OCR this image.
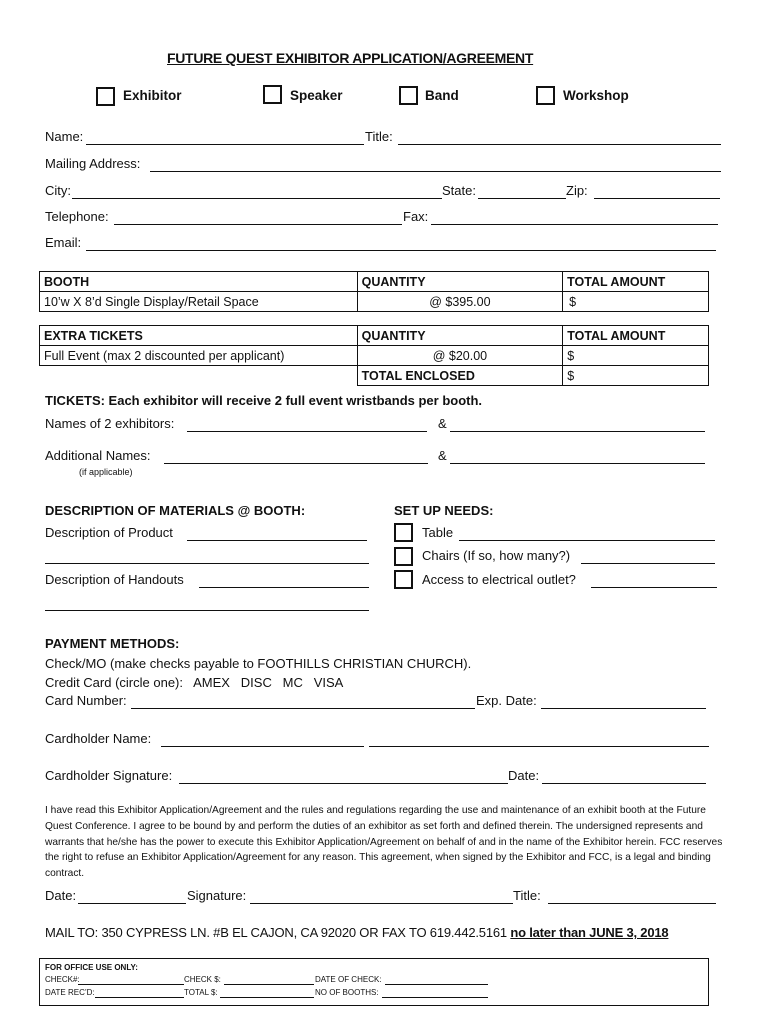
FUTURE QUEST EXHIBITOR APPLICATION/AGREEMENT
Exhibitor	Speaker	Band	Workshop
Name:	Title:
Mailing Address:
City:	State:	Zip:
Telephone:	Fax:
Email:
BOOTH	QUANTITY	TOTAL AMOUNT
10’w X 8’d Single Display/Retail Space	@ $395.00	$
EXTRA TICKETS	QUANTITY	TOTAL AMOUNT
Full Event (max 2 discounted per applicant)	@ $20.00	$
	TOTAL ENCLOSED	$
TICKETS: Each exhibitor will receive 2 full event wristbands per booth.
Names of 2 exhibitors:	&
Additional Names:	&
(if applicable)
DESCRIPTION OF MATERIALS @ BOOTH:
Description of Product
Description of Handouts
SET UP NEEDS:
Table
Chairs (If so, how many?)
Access to electrical outlet?
PAYMENT METHODS:
Check/MO (make checks payable to FOOTHILLS CHRISTIAN CHURCH).
Credit Card (circle one):   AMEX   DISC   MC   VISA
Card Number:	Exp. Date:
Cardholder Name:
Cardholder Signature:	Date:
I have read this Exhibitor Application/Agreement and the rules and regulations regarding the use and maintenance of an exhibit booth at the Future Quest Conference. I agree to be bound by and perform the duties of an exhibitor as set forth and defined therein. The undersigned represents and warrants that he/she has the power to execute this Exhibitor Application/Agreement on behalf of and in the name of the Exhibitor herein. FCC reserves the right to refuse an Exhibitor Application/Agreement for any reason. This agreement, when signed by the Exhibitor and FCC, is a legal and binding contract.
Date:	Signature:	Title:
MAIL TO: 350 CYPRESS LN. #B EL CAJON, CA 92020 OR FAX TO 619.442.5161 no later than JUNE 3, 2018
FOR OFFICE USE ONLY:
CHECK#:	CHECK $:	DATE OF CHECK:
DATE REC’D:	TOTAL $:	NO OF BOOTHS:
